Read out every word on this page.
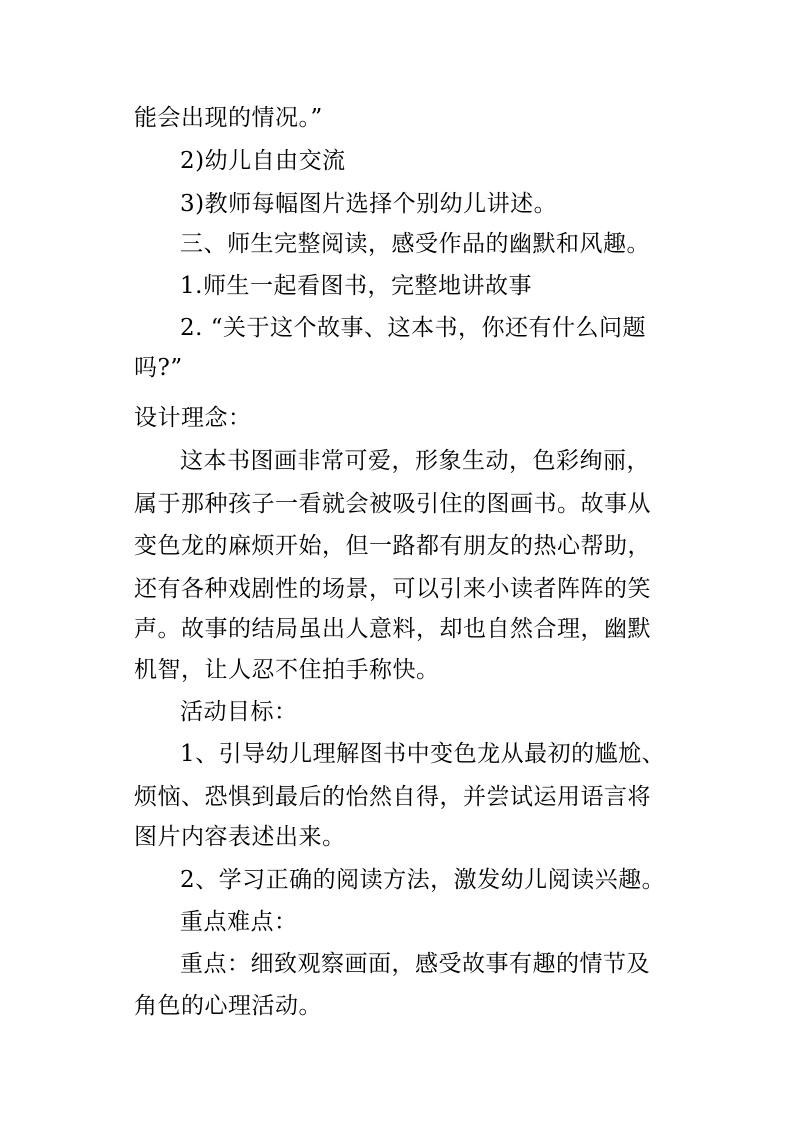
能会出现的情况。”
2)幼儿自由交流
3)教师每幅图片选择个别幼儿讲述。
三、师生完整阅读，感受作品的幽默和风趣。
1.师生一起看图书，完整地讲故事
2. “关于这个故事、这本书，你还有什么问题
吗?”
设计理念：
这本书图画非常可爱，形象生动，色彩绚丽，
属于那种孩子一看就会被吸引住的图画书。故事从
变色龙的麻烦开始，但一路都有朋友的热心帮助，
还有各种戏剧性的场景，可以引来小读者阵阵的笑
声。故事的结局虽出人意料，却也自然合理，幽默
机智，让人忍不住拍手称快。
活动目标：
1、引导幼儿理解图书中变色龙从最初的尴尬、
烦恼、恐惧到最后的怡然自得，并尝试运用语言将
图片内容表述出来。
2、学习正确的阅读方法，激发幼儿阅读兴趣。
重点难点：
重点：细致观察画面，感受故事有趣的情节及
角色的心理活动。
